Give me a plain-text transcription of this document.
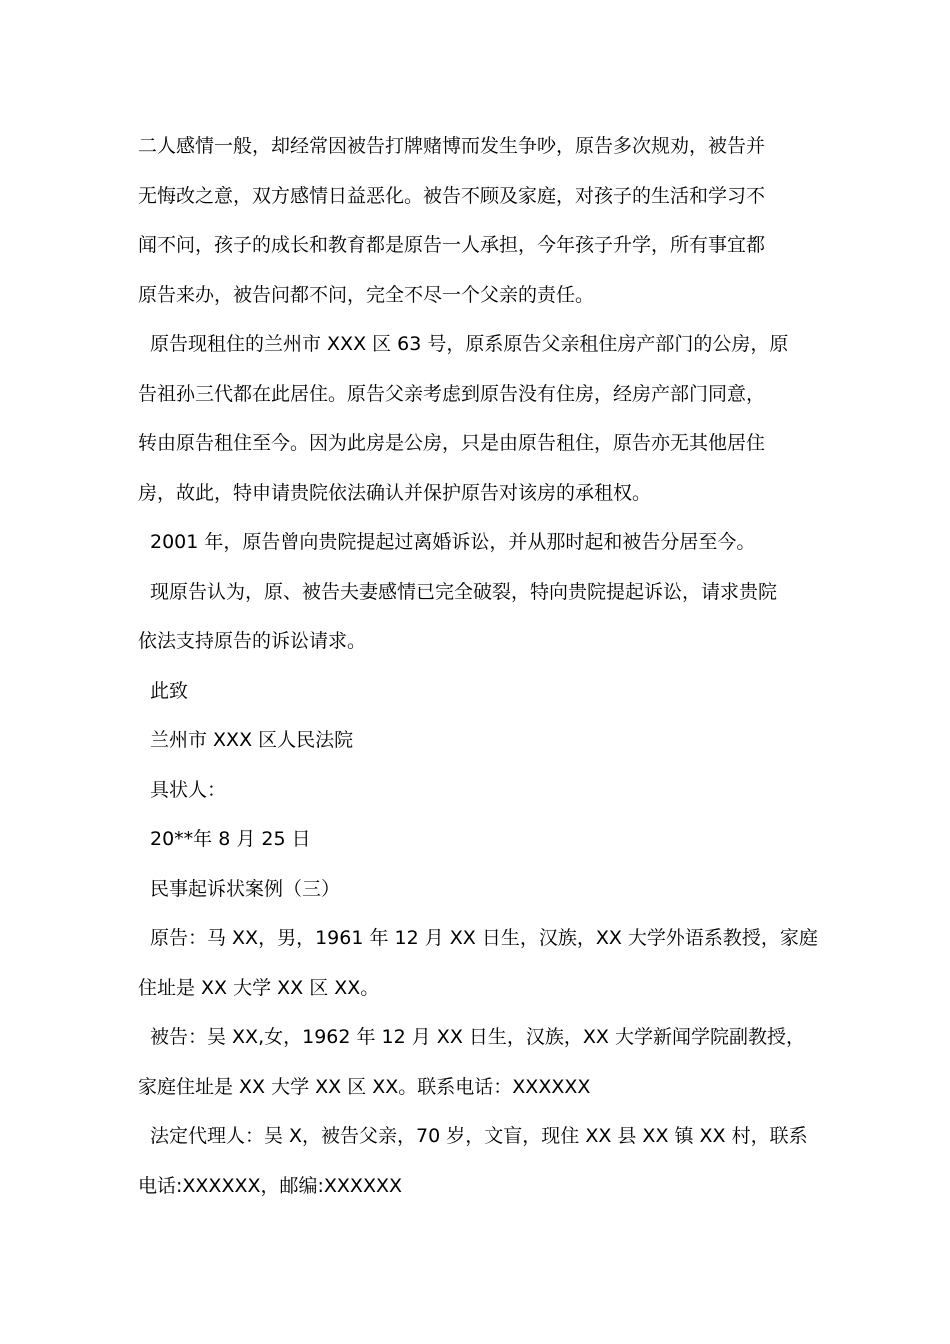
二人感情一般，却经常因被告打牌赌博而发生争吵，原告多次规劝，被告并

无悔改之意，双方感情日益恶化。被告不顾及家庭，对孩子的生活和学习不

闻不问，孩子的成长和教育都是原告一人承担，今年孩子升学，所有事宜都

原告来办，被告问都不问，完全不尽一个父亲的责任。

原告现租住的兰州市 XXX 区 63 号，原系原告父亲租住房产部门的公房，原

告祖孙三代都在此居住。原告父亲考虑到原告没有住房，经房产部门同意，

转由原告租住至今。因为此房是公房，只是由原告租住，原告亦无其他居住

房，故此，特申请贵院依法确认并保护原告对该房的承租权。

2001 年，原告曾向贵院提起过离婚诉讼，并从那时起和被告分居至今。

现原告认为，原、被告夫妻感情已完全破裂，特向贵院提起诉讼，请求贵院

依法支持原告的诉讼请求。

此致

兰州市 XXX 区人民法院

具状人：

20**年 8 月 25 日

民事起诉状案例（三）

原告：马 XX，男，1961 年 12 月 XX 日生，汉族，XX 大学外语系教授，家庭

住址是 XX 大学 XX 区 XX。

被告：吴 XX,女，1962 年 12 月 XX 日生，汉族，XX 大学新闻学院副教授，

家庭住址是 XX 大学 XX 区 XX。联系电话：XXXXXX

法定代理人：吴 X，被告父亲，70 岁，文盲，现住 XX 县 XX 镇 XX 村，联系

电话:XXXXXX，邮编:XXXXXX
